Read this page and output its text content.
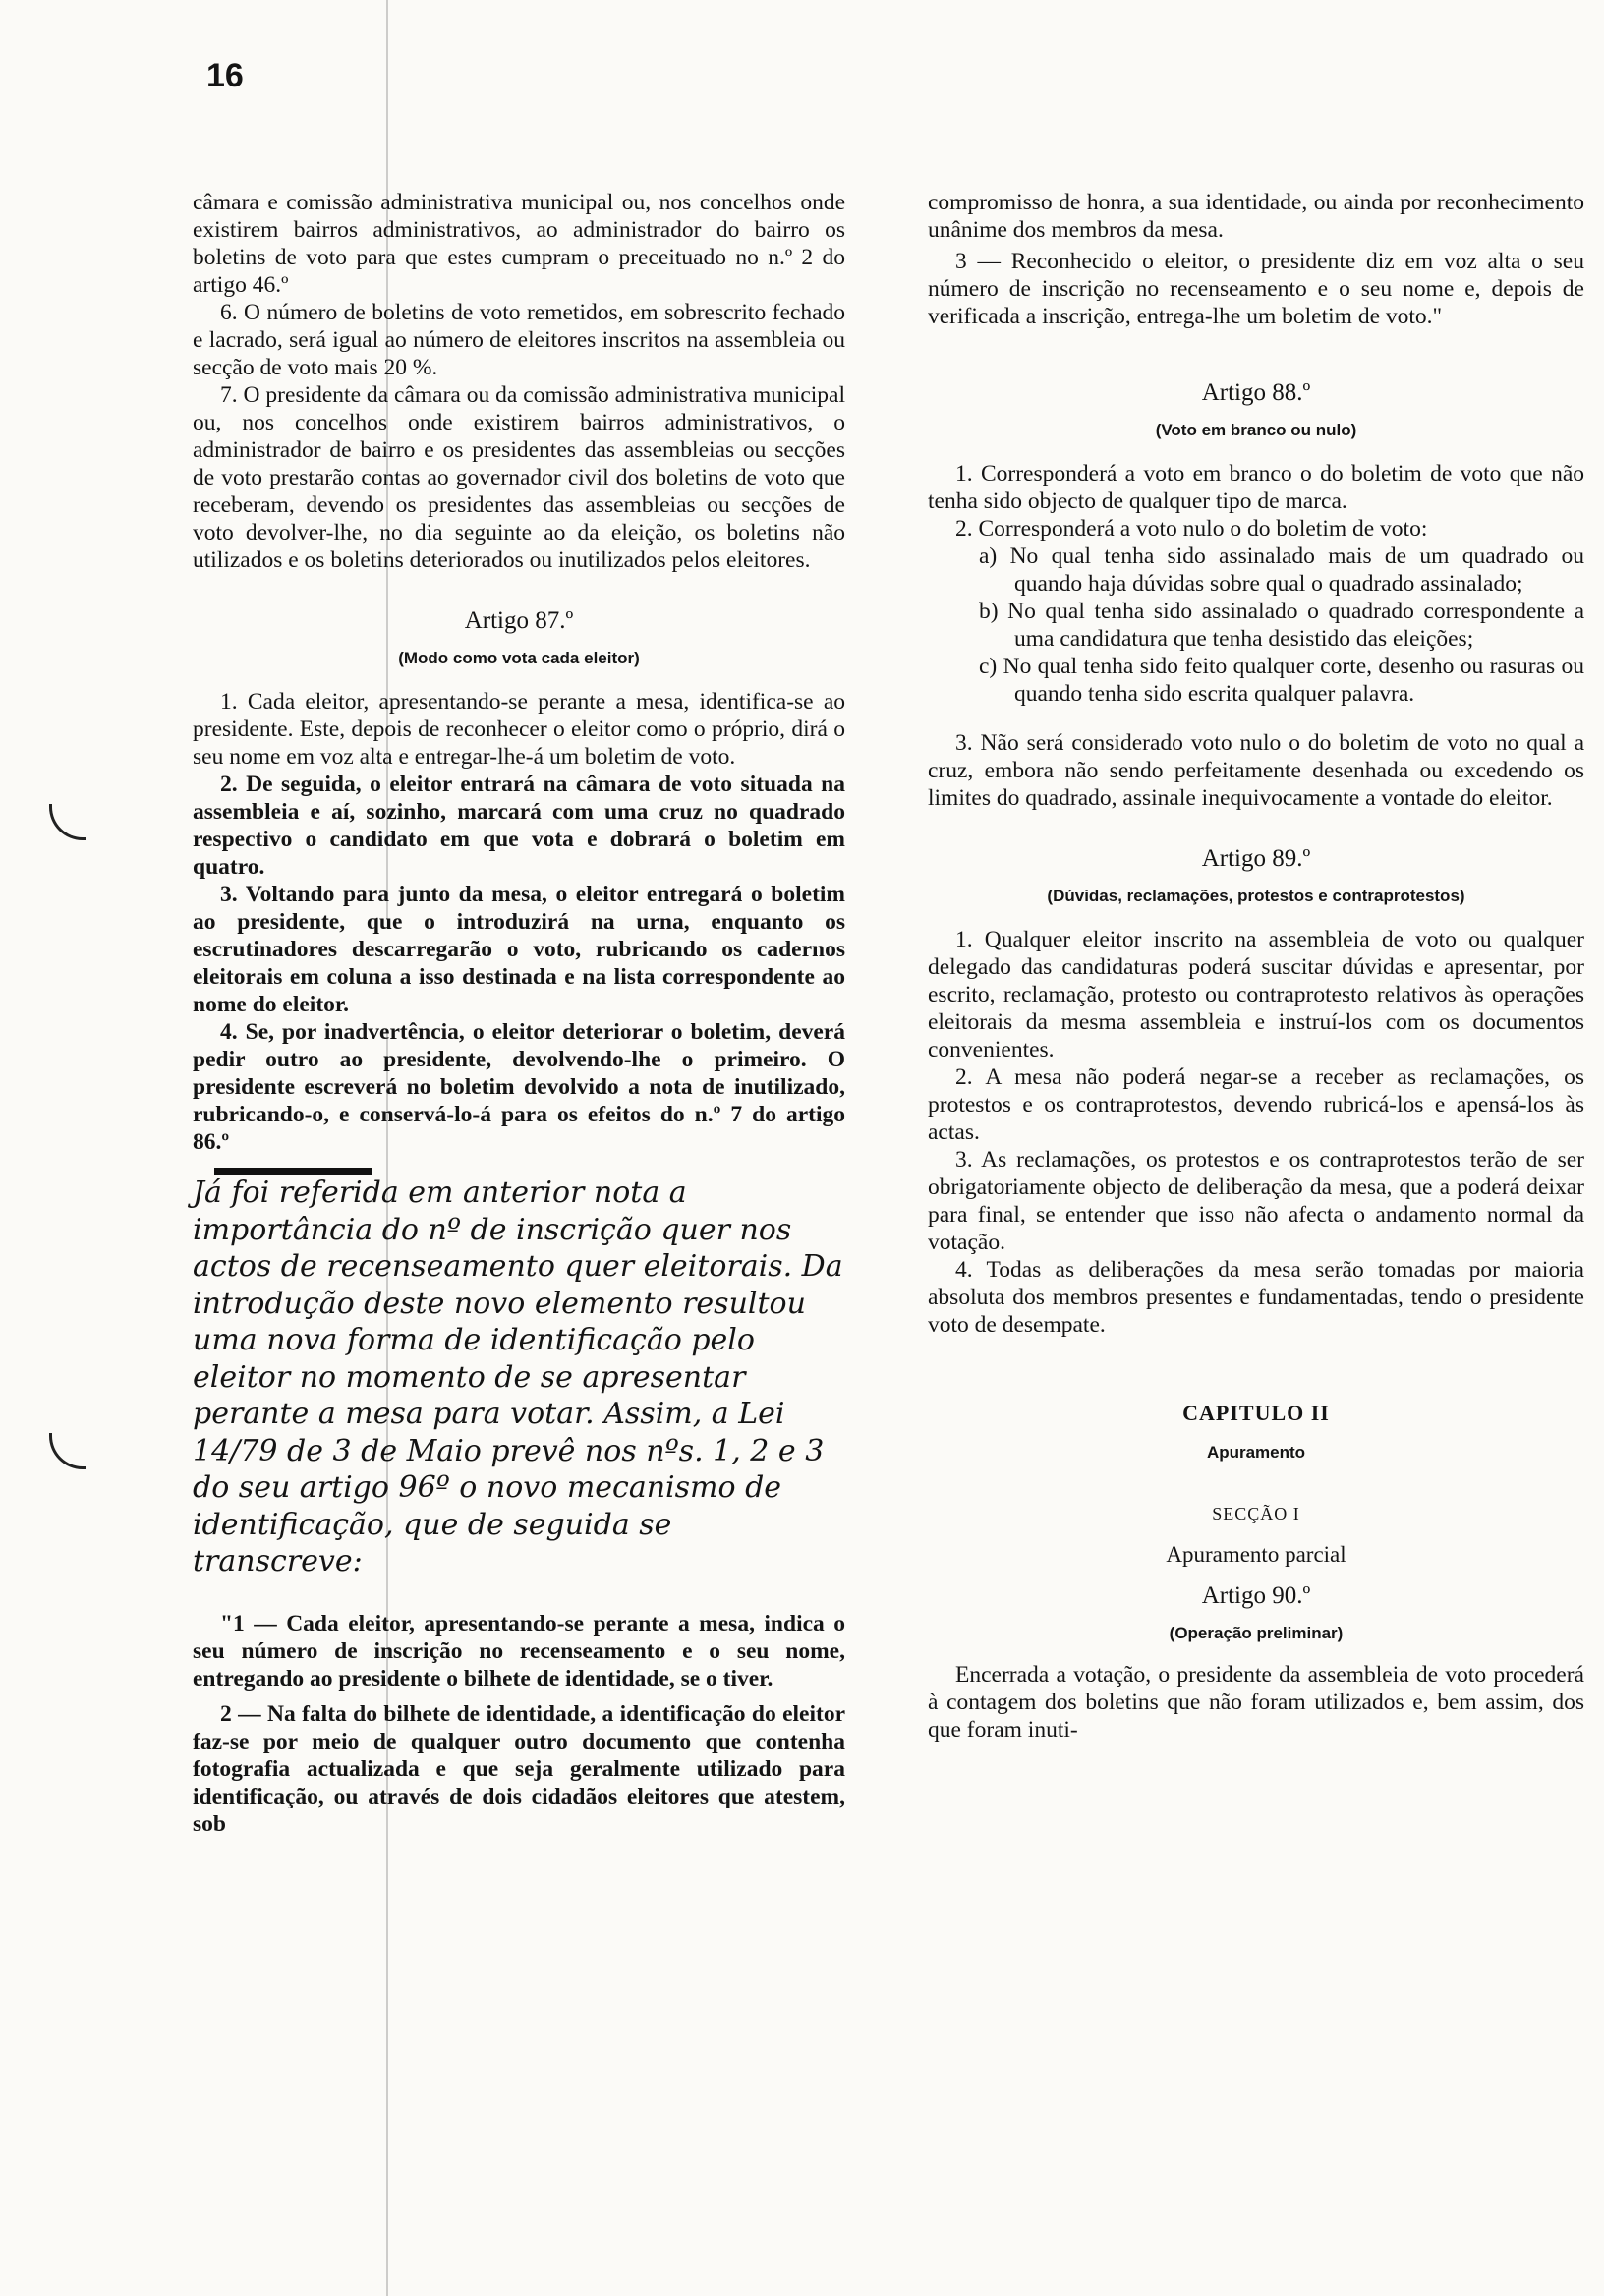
16

câmara e comissão administrativa municipal ou, nos concelhos onde existirem bairros administrativos, ao administrador do bairro os boletins de voto para que estes cumpram o preceituado no n.º 2 do artigo 46.º

6. O número de boletins de voto remetidos, em sobrescrito fechado e lacrado, será igual ao número de eleitores inscritos na assembleia ou secção de voto mais 20 %.

7. O presidente da câmara ou da comissão administrativa municipal ou, nos concelhos onde existirem bairros administrativos, o administrador de bairro e os presidentes das assembleias ou secções de voto prestarão contas ao governador civil dos boletins de voto que receberam, devendo os presidentes das assembleias ou secções de voto devolver-lhe, no dia seguinte ao da eleição, os boletins não utilizados e os boletins deteriorados ou inutilizados pelos eleitores.

Artigo 87.º

(Modo como vota cada eleitor)

1. Cada eleitor, apresentando-se perante a mesa, identifica-se ao presidente. Este, depois de reconhecer o eleitor como o próprio, dirá o seu nome em voz alta e entregar-lhe-á um boletim de voto.

2. De seguida, o eleitor entrará na câmara de voto situada na assembleia e aí, sozinho, marcará com uma cruz no quadrado respectivo o candidato em que vota e dobrará o boletim em quatro.

3. Voltando para junto da mesa, o eleitor entregará o boletim ao presidente, que o introduzirá na urna, enquanto os escrutinadores descarregarão o voto, rubricando os cadernos eleitorais em coluna a isso destinada e na lista correspondente ao nome do eleitor.

4. Se, por inadvertência, o eleitor deteriorar o boletim, deverá pedir outro ao presidente, devolvendo-lhe o primeiro. O presidente escreverá no boletim devolvido a nota de inutilizado, rubricando-o, e conservá-lo-á para os efeitos do n.º 7 do artigo 86.º

Já foi referida em anterior nota a importância do nº de inscrição quer nos actos de recenseamento quer eleitorais. Da introdução deste novo elemento resultou uma nova forma de identificação pelo eleitor no momento de se apresentar perante a mesa para votar. Assim, a Lei 14/79 de 3 de Maio prevê nos nºs. 1, 2 e 3 do seu artigo 96º o novo mecanismo de identificação, que de seguida se transcreve:

"1 — Cada eleitor, apresentando-se perante a mesa, indica o seu número de inscrição no recenseamento e o seu nome, entregando ao presidente o bilhete de identidade, se o tiver.

2 — Na falta do bilhete de identidade, a identificação do eleitor faz-se por meio de qualquer outro documento que contenha fotografia actualizada e que seja geralmente utilizado para identificação, ou através de dois cidadãos eleitores que atestem, sob

compromisso de honra, a sua identidade, ou ainda por reconhecimento unânime dos membros da mesa.

3 — Reconhecido o eleitor, o presidente diz em voz alta o seu número de inscrição no recenseamento e o seu nome e, depois de verificada a inscrição, entrega-lhe um boletim de voto."

Artigo 88.º

(Voto em branco ou nulo)

1. Corresponderá a voto em branco o do boletim de voto que não tenha sido objecto de qualquer tipo de marca.

2. Corresponderá a voto nulo o do boletim de voto:

a) No qual tenha sido assinalado mais de um quadrado ou quando haja dúvidas sobre qual o quadrado assinalado;

b) No qual tenha sido assinalado o quadrado correspondente a uma candidatura que tenha desistido das eleições;

c) No qual tenha sido feito qualquer corte, desenho ou rasuras ou quando tenha sido escrita qualquer palavra.

3. Não será considerado voto nulo o do boletim de voto no qual a cruz, embora não sendo perfeitamente desenhada ou excedendo os limites do quadrado, assinale inequivocamente a vontade do eleitor.

Artigo 89.º

(Dúvidas, reclamações, protestos e contraprotestos)

1. Qualquer eleitor inscrito na assembleia de voto ou qualquer delegado das candidaturas poderá suscitar dúvidas e apresentar, por escrito, reclamação, protesto ou contraprotesto relativos às operações eleitorais da mesma assembleia e instruí-los com os documentos convenientes.

2. A mesa não poderá negar-se a receber as reclamações, os protestos e os contraprotestos, devendo rubricá-los e apensá-los às actas.

3. As reclamações, os protestos e os contraprotestos terão de ser obrigatoriamente objecto de deliberação da mesa, que a poderá deixar para final, se entender que isso não afecta o andamento normal da votação.

4. Todas as deliberações da mesa serão tomadas por maioria absoluta dos membros presentes e fundamentadas, tendo o presidente voto de desempate.

CAPITULO II

Apuramento

SECÇÃO I

Apuramento parcial

Artigo 90.º

(Operação preliminar)

Encerrada a votação, o presidente da assembleia de voto procederá à contagem dos boletins que não foram utilizados e, bem assim, dos que foram inuti-
